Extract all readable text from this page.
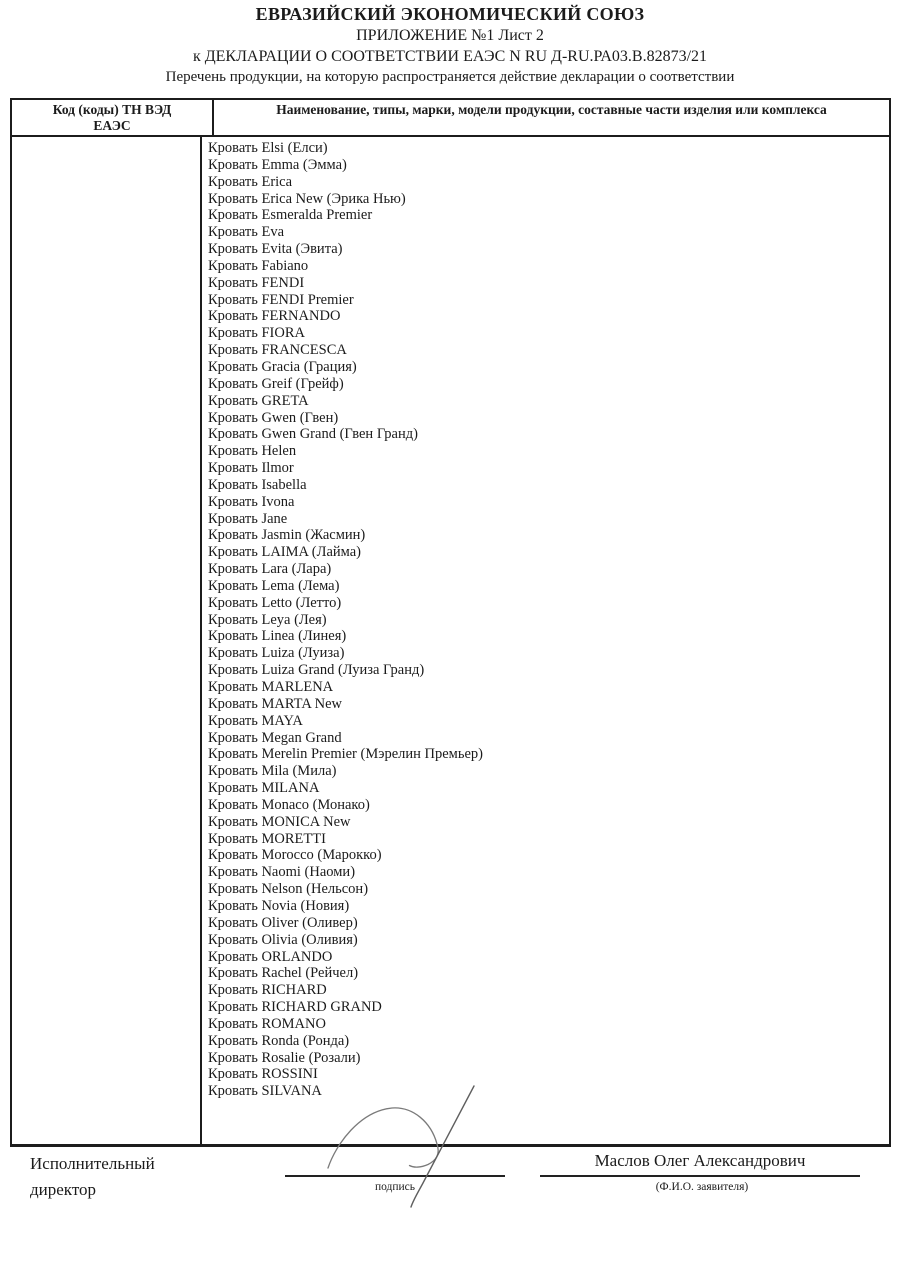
ЕВРАЗИЙСКИЙ ЭКОНОМИЧЕСКИЙ СОЮЗ
ПРИЛОЖЕНИЕ №1 Лист 2
к ДЕКЛАРАЦИИ О СООТВЕТСТВИИ ЕАЭС N RU Д-RU.РА03.В.82873/21
Перечень продукции, на которую распространяется действие декларации о соответствии
Код (коды) ТН ВЭД
ЕАЭС
Наименование, типы, марки, модели продукции, составные части изделия или комплекса
Кровать Elsi (Елси)
Кровать Emma (Эмма)
Кровать Erica
Кровать Erica New (Эрика Нью)
Кровать Esmeralda Premier
Кровать Eva
Кровать Evita (Эвита)
Кровать Fabiano
Кровать FENDI
Кровать FENDI Premier
Кровать FERNANDO
Кровать FIORA
Кровать FRANCESCA
Кровать Gracia (Грация)
Кровать Greif (Грейф)
Кровать GRETA
Кровать Gwen (Гвен)
Кровать Gwen Grand (Гвен Гранд)
Кровать Helen
Кровать Ilmor
Кровать Isabella
Кровать Ivona
Кровать Jane
Кровать Jasmin (Жасмин)
Кровать LAIMA (Лайма)
Кровать Lara (Лара)
Кровать Lema (Лема)
Кровать Letto (Летто)
Кровать Leya (Лея)
Кровать Linea (Линея)
Кровать Luiza (Луиза)
Кровать Luiza Grand (Луиза Гранд)
Кровать MARLENA
Кровать MARTA New
Кровать MAYA
Кровать Megan Grand
Кровать Merelin Premier (Мэрелин Премьер)
Кровать Mila (Мила)
Кровать MILANA
Кровать Monaco (Монако)
Кровать MONICA New
Кровать MORETTI
Кровать Morocco (Марокко)
Кровать Naomi (Наоми)
Кровать Nelson (Нельсон)
Кровать Novia (Новия)
Кровать Oliver (Оливер)
Кровать Olivia (Оливия)
Кровать ORLANDO
Кровать Rachel (Рейчел)
Кровать RICHARD
Кровать RICHARD GRAND
Кровать ROMANO
Кровать Ronda (Ронда)
Кровать Rosalie (Розали)
Кровать ROSSINI
Кровать SILVANA
Исполнительный директор	подпись
Маслов Олег Александрович
(Ф.И.О. заявителя)
